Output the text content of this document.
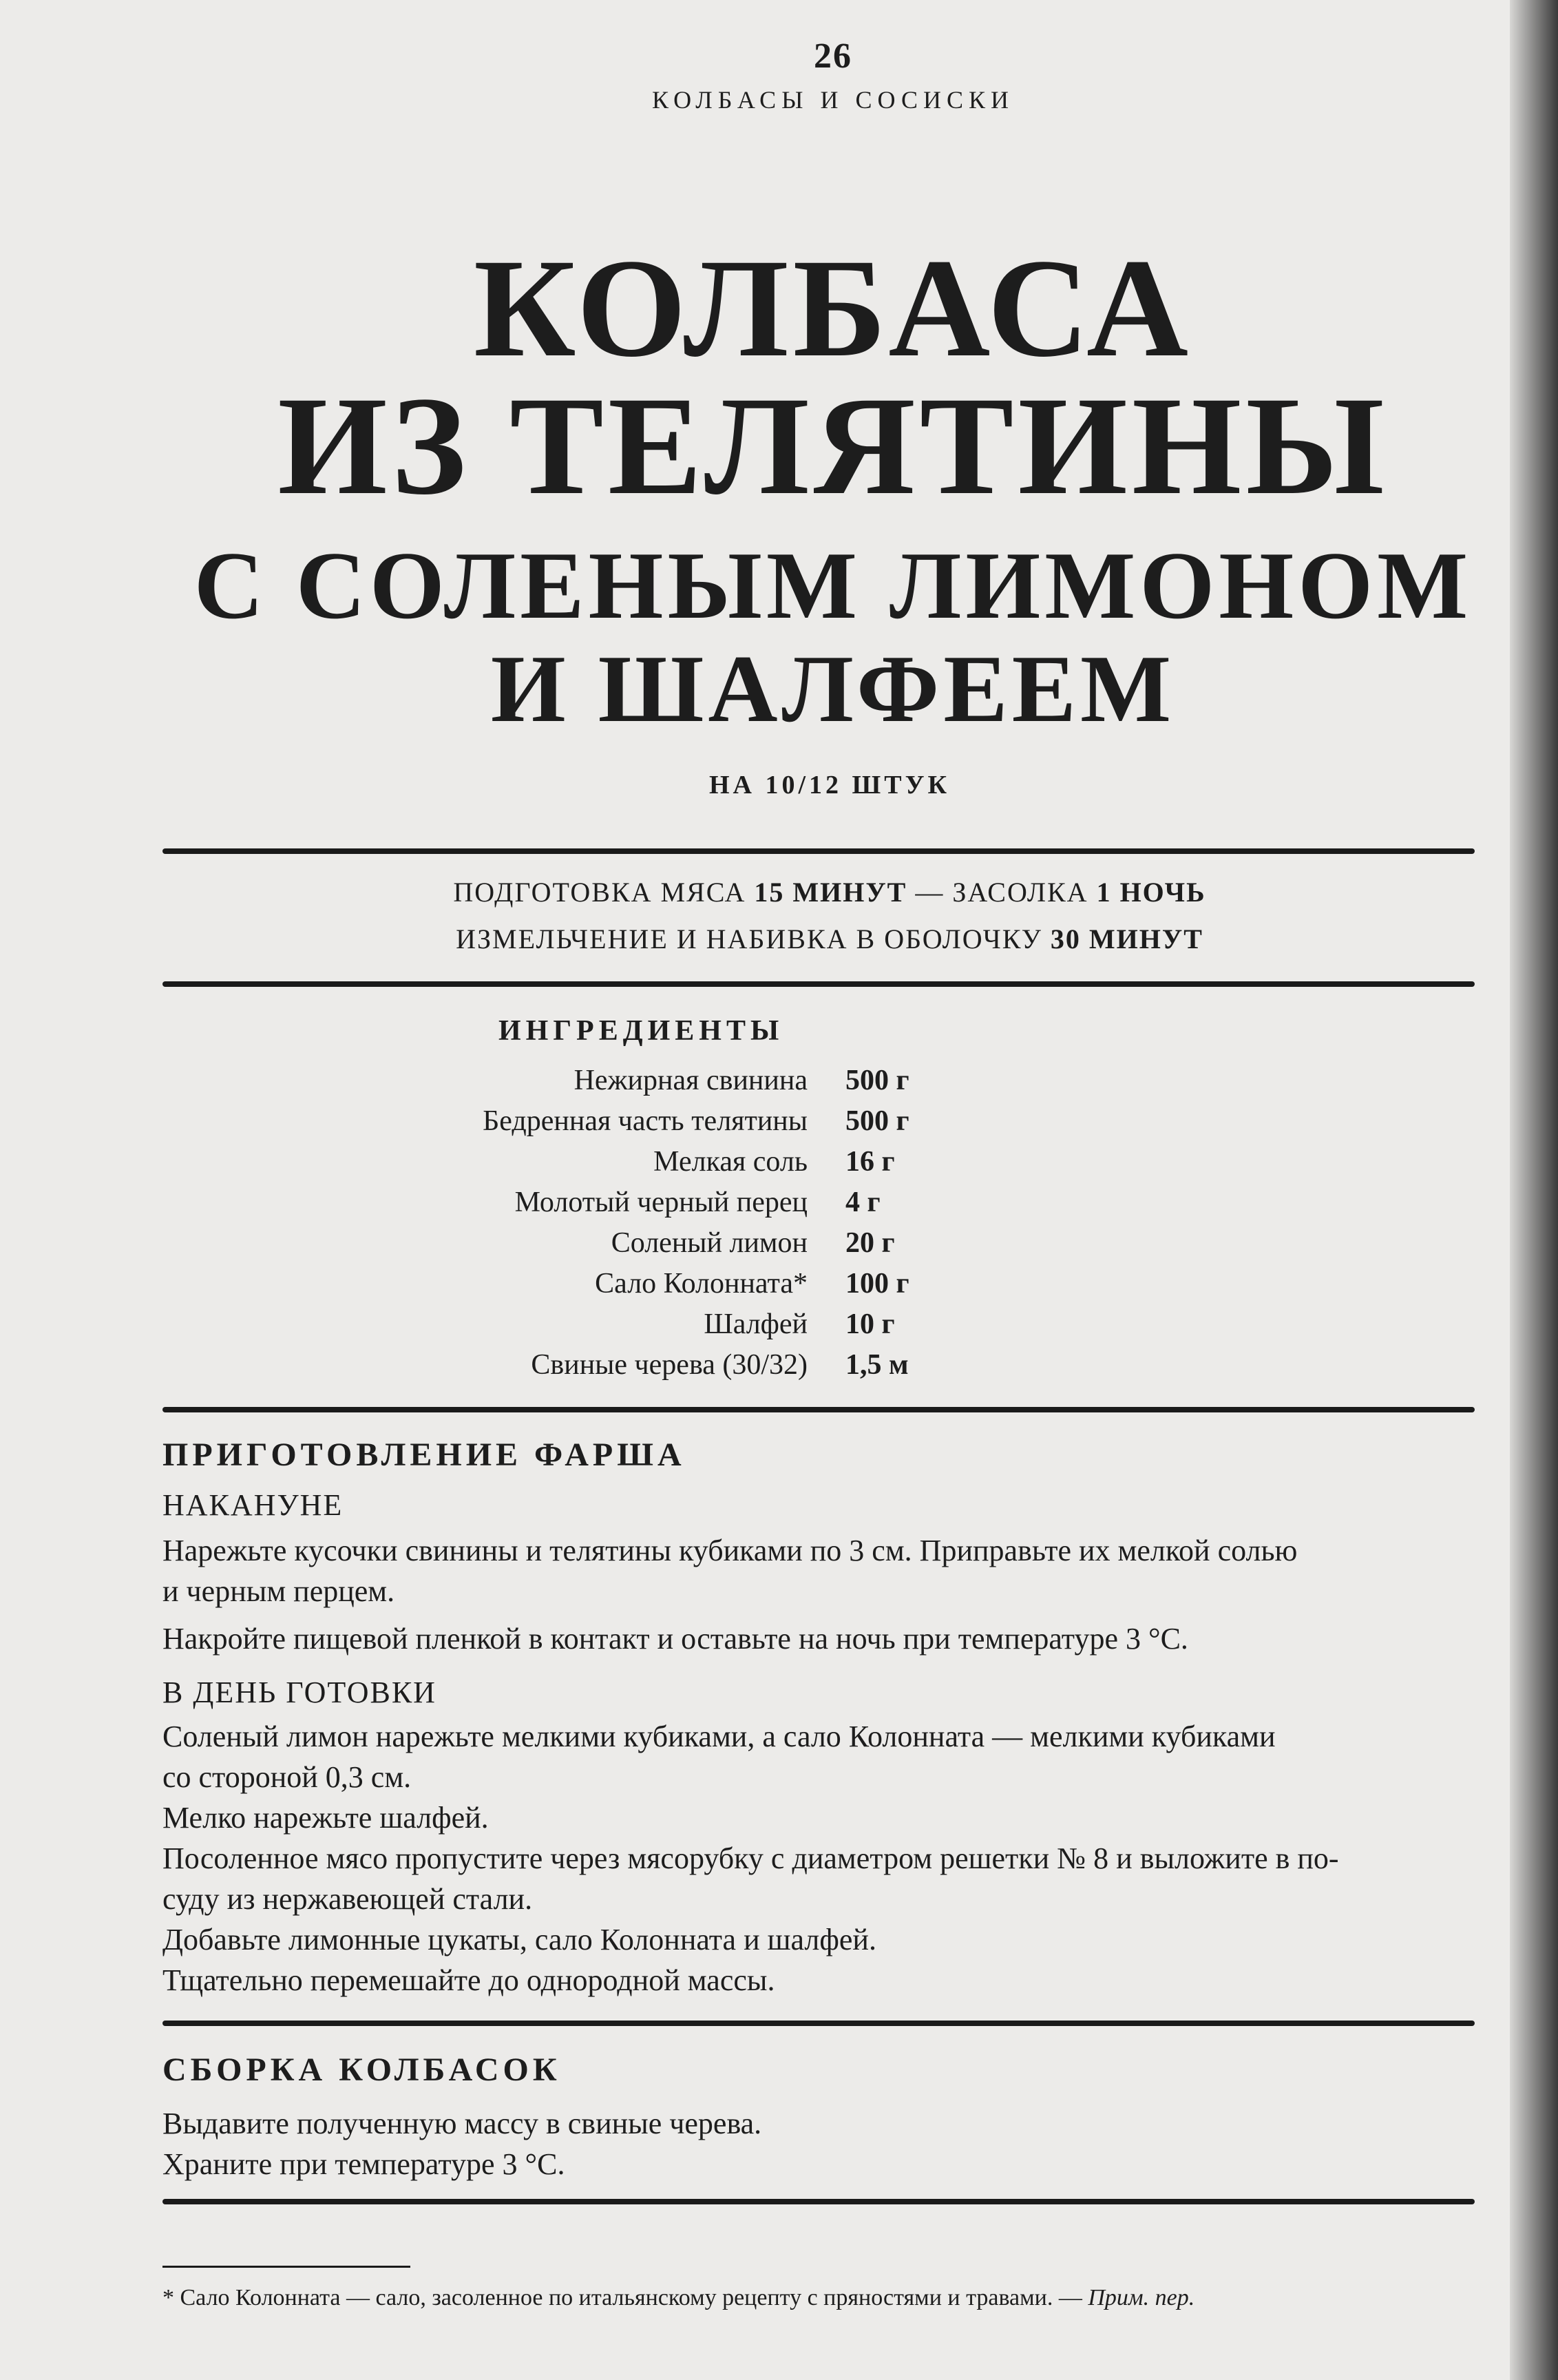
26
КОЛБАСЫ И СОСИСКИ
КОЛБАСА
ИЗ ТЕЛЯТИНЫ
С СОЛЕНЫМ ЛИМОНОМ
И ШАЛФЕЕМ
НА 10/12 ШТУК
ПОДГОТОВКА МЯСА 15 МИНУТ — ЗАСОЛКА 1 НОЧЬ
ИЗМЕЛЬЧЕНИЕ И НАБИВКА В ОБОЛОЧКУ 30 МИНУТ
ИНГРЕДИЕНТЫ
Нежирная свинина 500 г
Бедренная часть телятины 500 г
Мелкая соль 16 г
Молотый черный перец 4 г
Соленый лимон 20 г
Сало Колонната* 100 г
Шалфей 10 г
Свиные черева (30/32) 1,5 м
ПРИГОТОВЛЕНИЕ ФАРША
НАКАНУНЕ
Нарежьте кусочки свинины и телятины кубиками по 3 см. Приправьте их мелкой солью
и черным перцем.
Накройте пищевой пленкой в контакт и оставьте на ночь при температуре 3 °C.
В ДЕНЬ ГОТОВКИ
Соленый лимон нарежьте мелкими кубиками, а сало Колонната — мелкими кубиками
со стороной 0,3 см.
Мелко нарежьте шалфей.
Посоленное мясо пропустите через мясорубку с диаметром решетки № 8 и выложите в по-
суду из нержавеющей стали.
Добавьте лимонные цукаты, сало Колонната и шалфей.
Тщательно перемешайте до однородной массы.
СБОРКА КОЛБАСОК
Выдавите полученную массу в свиные черева.
Храните при температуре 3 °C.
* Сало Колонната — сало, засоленное по итальянскому рецепту с пряностями и травами. — Прим. пер.
